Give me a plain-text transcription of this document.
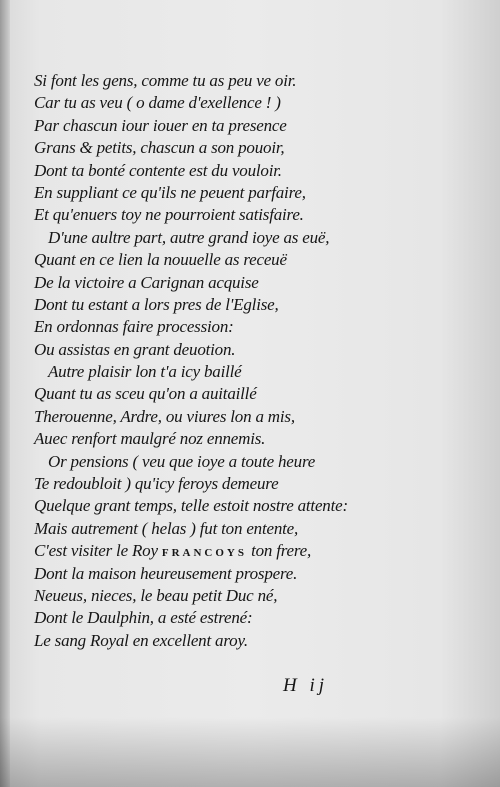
Si font les gens, comme tu as peu ve oir.
Car tu as veu ( o dame d'exellence ! )
Par chascun iour iouer en ta presence
Grans & petits, chascun a son pouoir,
Dont ta bonté contente est du vouloir.
En suppliant ce qu'ils ne peuent parfaire,
Et qu'enuers toy ne pourroient satisfaire.
D'une aultre part, autre grand ioye as euë,
Quant en ce lien la nouuelle as receuë
De la victoire a Carignan acquise
Dont tu estant a lors pres de l'Eglise,
En ordonnas faire procession:
Ou assistas en grant deuotion.
Autre plaisir lon t'a icy baillé
Quant tu as sceu qu'on a auitaillé
Therouenne, Ardre, ou viures lon a mis,
Auec renfort maulgré noz ennemis.
Or pensions ( veu que ioye a toute heure
Te redoubloit ) qu'icy feroys demeure
Quelque grant temps, telle estoit nostre attente:
Mais autrement ( helas ) fut ton entente,
C'est visiter le Roy FRANCOYS ton frere,
Dont la maison heureusement prospere.
Neueus, nieces, le beau petit Duc né,
Dont le Daulphin, a esté estrené:
Le sang Royal en excellent aroy.
H ij
